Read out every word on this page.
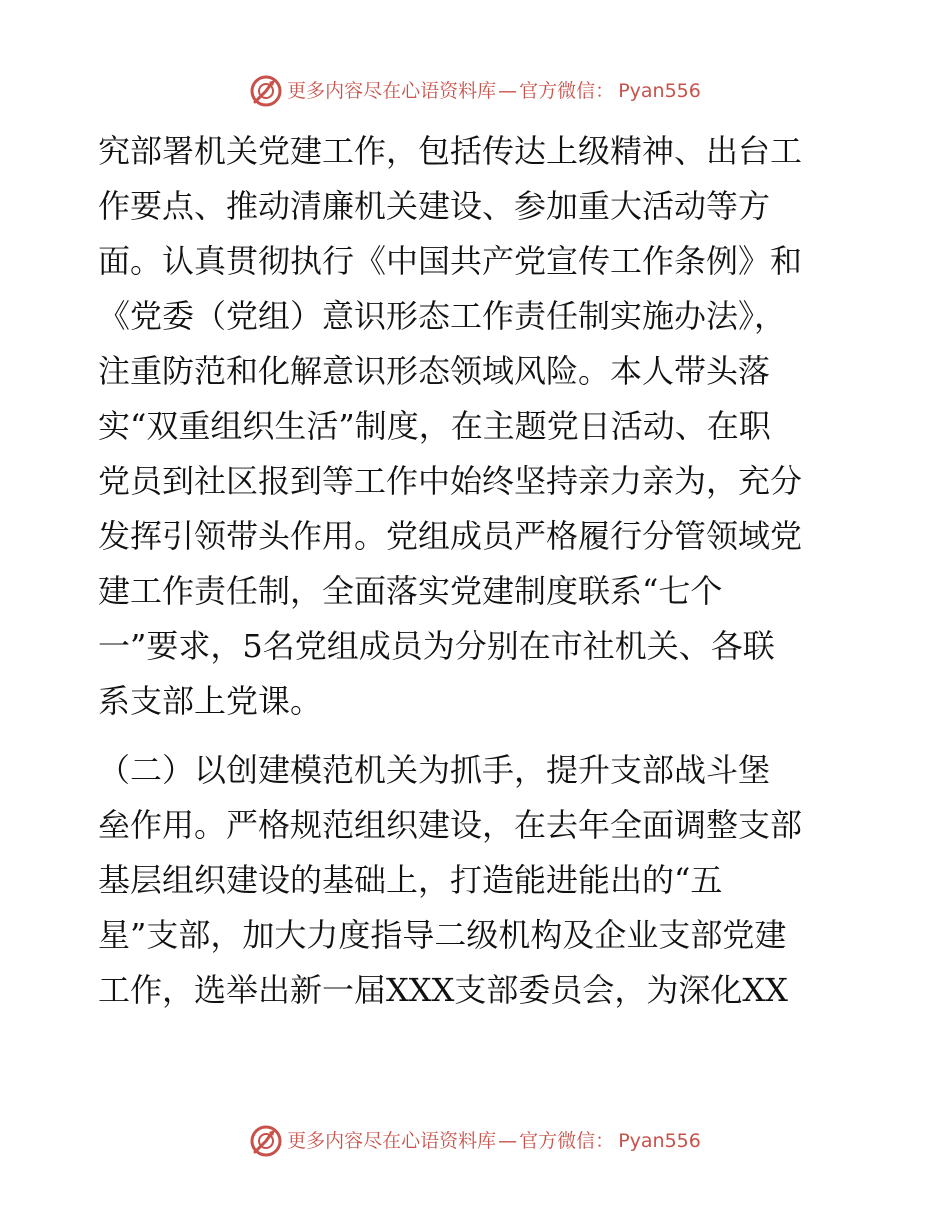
更多内容尽在心语资料库 — 官方微信： Pyan556
究部署机关党建工作，包括传达上级精神、出台工
作要点、推动清廉机关建设、参加重大活动等方
面。认真贯彻执行《中国共产党宣传工作条例》和
《党委（党组）意识形态工作责任制实施办法》，
注重防范和化解意识形态领域风险。本人带头落
实“双重组织生活”制度，在主题党日活动、在职
党员到社区报到等工作中始终坚持亲力亲为，充分
发挥引领带头作用。党组成员严格履行分管领域党
建工作责任制，全面落实党建制度联系“七个
一”要求，5名党组成员为分别在市社机关、各联
系支部上党课。
（二）以创建模范机关为抓手，提升支部战斗堡
垒作用。严格规范组织建设，在去年全面调整支部
基层组织建设的基础上，打造能进能出的“五
星”支部，加大力度指导二级机构及企业支部党建
工作，选举出新一届XXX支部委员会，为深化XX
更多内容尽在心语资料库 — 官方微信： Pyan556
